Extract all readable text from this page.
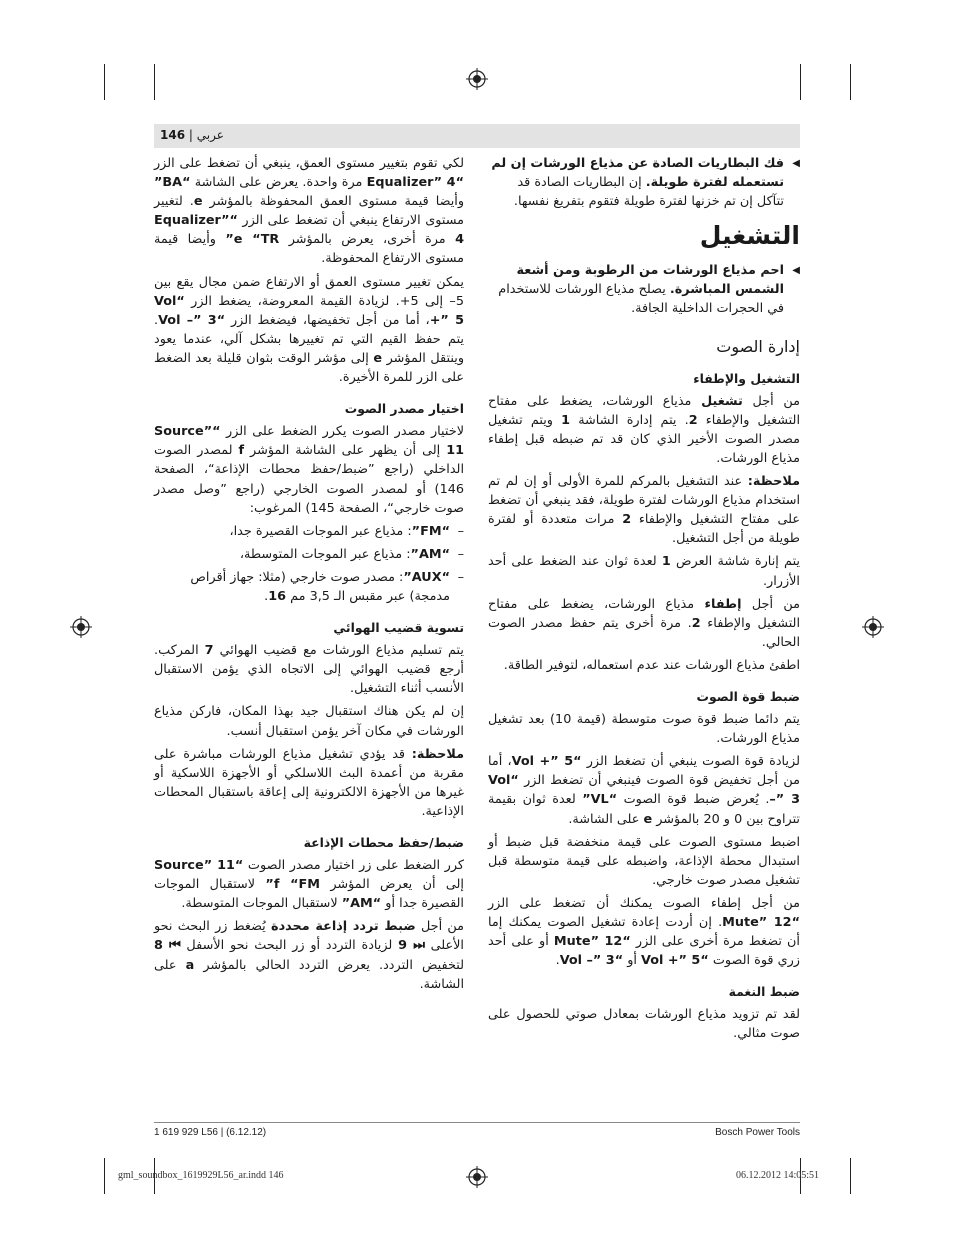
عربي | 146
◀
فك البطاريات الصادة عن مذياع الورشات إن لم تستعمله لفترة طويلة. إن البطاريات الصادة قد تتآكل إن تم خزنها لفترة طويلة فتقوم بتفريغ نفسها.
التشغيل
◀
احم مذياع الورشات من الرطوبة ومن أشعة الشمس المباشرة. يصلح مذياع الورشات للاستخدام في الحجرات الداخلية الجافة.
إدارة الصوت
التشغيل والإطفاء

من أجل تشغيل مذياع الورشات، يضغط على مفتاح التشغيل والإطفاء 2. يتم إدارة الشاشة 1 ويتم تشغيل مصدر الصوت الأخير الذي كان قد تم ضبطه قبل إطفاء مذياع الورشات.

ملاحظة: عند التشغيل بالمركم للمرة الأولى أو إن لم تم استخدام مذياع الورشات لفترة طويلة، فقد ينبغي أن تضغط على مفتاح التشغيل والإطفاء 2 مرات متعددة أو لفترة طويلة من أجل التشغيل.

يتم إنارة شاشة العرض 1 لعدة ثوان عند الضغط على أحد الأزرار.

من أجل إطفاء مذياع الورشات، يضغط على مفتاح التشغيل والإطفاء 2. مرة أخرى يتم حفظ مصدر الصوت الحالي.

اطفئ مذياع الورشات عند عدم استعماله، لتوفير الطاقة.

ضبط قوة الصوت

يتم دائما ضبط قوة صوت متوسطة (قيمة 10) بعد تشغيل مذياع الورشات.

لزيادة قوة الصوت ينبغي أن تضغط الزر “Vol +” 5، أما من أجل تخفيض قوة الصوت فينبغي أن تضغط الزر “Vol –” 3. يُعرض ضبط قوة الصوت “VL” لعدة ثوان بقيمة تتراوح بين 0 و 20 بالمؤشر e على الشاشة.

اضبط مستوى الصوت على قيمة منخفضة قبل ضبط أو استبدال محطة الإذاعة، واضبطه على قيمة متوسطة قبل تشغيل مصدر صوت خارجي.

من أجل إطفاء الصوت يمكنك أن تضغط على الزر “Mute” 12. إن أردت إعادة تشغيل الصوت يمكنك إما أن تضغط مرة أخرى على الزر “Mute” 12 أو على أحد زري قوة الصوت “Vol +” 5 أو “Vol –” 3.

ضبط النغمة

لقد تم تزويد مذياع الورشات بمعادل صوتي للحصول على صوت مثالي.

لكي تقوم بتغيير مستوى العمق، ينبغي أن تضغط على الزر “Equalizer” 4 مرة واحدة. يعرض على الشاشة “BA” وأيضا قيمة مستوى العمق المحفوظة بالمؤشر e. لتغيير مستوى الارتفاع ينبغي أن تضغط على الزر “Equalizer” 4 مرة أخرى، يعرض بالمؤشر e “TR” وأيضا قيمة مستوى الارتفاع المحفوظة.

يمكن تغيير مستوى العمق أو الارتفاع ضمن مجال يقع بين 5– إلى 5+. لزيادة القيمة المعروضة، يضغط الزر “Vol +” 5، أما من أجل تخفيضها، فيضغط الزر “Vol –” 3. يتم حفظ القيم التي تم تغييرها بشكل آلي، عندما يعود وينتقل المؤشر e إلى مؤشر الوقت بثوان قليلة بعد الضغط على الزر للمرة الأخيرة.

اختيار مصدر الصوت

لاختيار مصدر الصوت يكرر الضغط على الزر “Source” 11 إلى أن يظهر على الشاشة المؤشر f لمصدر الصوت الداخلي (راجع ”ضبط/حفظ محطات الإذاعة“، الصفحة 146) أو لمصدر الصوت الخارجي (راجع ”وصل مصدر صوت خارجي“، الصفحة 145) المرغوب:

–
“FM”: مذياع عبر الموجات القصيرة جدا،
–
“AM”: مذياع عبر الموجات المتوسطة،
–
“AUX”: مصدر صوت خارجي (مثلا: جهاز أقراص مدمجة) عبر مقبس الـ 3,5 مم 16.
تسوية قضيب الهوائي

يتم تسليم مذياع الورشات مع قضيب الهوائي 7 المركب. أرجع قضيب الهوائي إلى الاتجاه الذي يؤمن الاستقبال الأنسب أثناء التشغيل.

إن لم يكن هناك استقبال جيد بهذا المكان، فاركن مذياع الورشات في مكان آخر يؤمن استقبال أنسب.

ملاحظة: قد يؤدي تشغيل مذياع الورشات مباشرة على مقربة من أعمدة البث اللاسلكي أو الأجهزة اللاسكية أو غيرها من الأجهزة الالكترونية إلى إعاقة باستقبال المحطات الإذاعية.

ضبط/حفظ محطات الإذاعة

كرر الضغط على زر اختيار مصدر الصوت “Source” 11 إلى أن يعرض المؤشر f “FM” لاستقبال الموجات القصيرة جدا أو “AM” لاستقبال الموجات المتوسطة.

من أجل ضبط تردد إذاعة محددة يُضغط زر البحث نحو الأعلى ⏭ 9 لزيادة التردد أو زر البحث نحو الأسفل ⏮ 8 لتخفيض التردد. يعرض التردد الحالي بالمؤشر a على الشاشة.

1 619 929 L56 | (6.12.12)	Bosch Power Tools
gml_soundbox_1619929L56_ar.indd 146	06.12.2012 14:05:51
